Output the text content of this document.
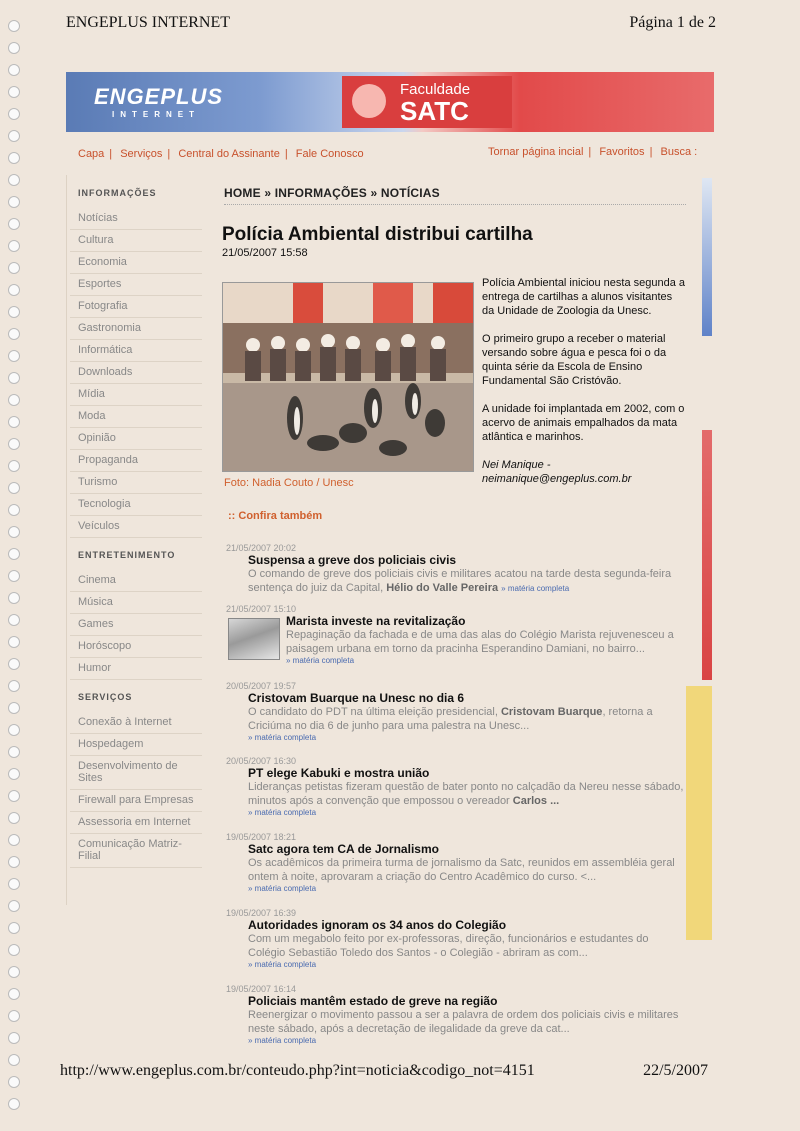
ENGEPLUS INTERNET	Página 1 de 2
ENGEPLUS
INTERNET
Faculdade
SATC
Capa | Serviços | Central do Assinante | Fale Conosco	Tornar página incial | Favoritos | Busca :
INFORMAÇÕES
Notícias
Cultura
Economia
Esportes
Fotografia
Gastronomia
Informática
Downloads
Mídia
Moda
Opinião
Propaganda
Turismo
Tecnologia
Veículos
ENTRETENIMENTO
Cinema
Música
Games
Horóscopo
Humor
SERVIÇOS
Conexão à Internet
Hospedagem
Desenvolvimento de Sites
Firewall para Empresas
Assessoria em Internet
Comunicação Matriz-Filial
HOME » INFORMAÇÕES » NOTÍCIAS
Polícia Ambiental distribui cartilha
21/05/2007 15:58
Foto: Nadia Couto / Unesc

Polícia Ambiental iniciou nesta segunda a entrega de cartilhas a alunos visitantes da Unidade de Zoologia da Unesc.

O primeiro grupo a receber o material versando sobre água e pesca foi o da quinta série da Escola de Ensino Fundamental São Cristóvão.

A unidade foi implantada em 2002, com o acervo de animais empalhados da mata atlântica e marinhos.

Nei Manique -
neimanique@engeplus.com.br

:: Confira também
21/05/2007 20:02
Suspensa a greve dos policiais civis
O comando de greve dos policiais civis e militares acatou na tarde desta segunda-feira sentença do juiz da Capital, Hélio do Valle Pereira » matéria completa
21/05/2007 15:10
Marista investe na revitalização
Repaginação da fachada e de uma das alas do Colégio Marista rejuvenesceu a paisagem urbana em torno da pracinha Esperandino Damiani, no bairro...
» matéria completa
20/05/2007 19:57
Cristovam Buarque na Unesc no dia 6
O candidato do PDT na última eleição presidencial, Cristovam Buarque, retorna a Criciúma no dia 6 de junho para uma palestra na Unesc...
» matéria completa
20/05/2007 16:30
PT elege Kabuki e mostra união
Lideranças petistas fizeram questão de bater ponto no calçadão da Nereu nesse sábado, minutos após a convenção que empossou o vereador Carlos ...
» matéria completa
19/05/2007 18:21
Satc agora tem CA de Jornalismo
Os acadêmicos da primeira turma de jornalismo da Satc, reunidos em assembléia geral ontem à noite, aprovaram a criação do Centro Acadêmico do curso. <...
» matéria completa
19/05/2007 16:39
Autoridades ignoram os 34 anos do Colegião
Com um megabolo feito por ex-professoras, direção, funcionários e estudantes do Colégio Sebastião Toledo dos Santos - o Colegião - abriram as com...
» matéria completa
19/05/2007 16:14
Policiais mantêm estado de greve na região
Reenergizar o movimento passou a ser a palavra de ordem dos policiais civis e militares neste sábado, após a decretação de ilegalidade da greve da cat...
» matéria completa
http://www.engeplus.com.br/conteudo.php?int=noticia&codigo_not=4151	22/5/2007
